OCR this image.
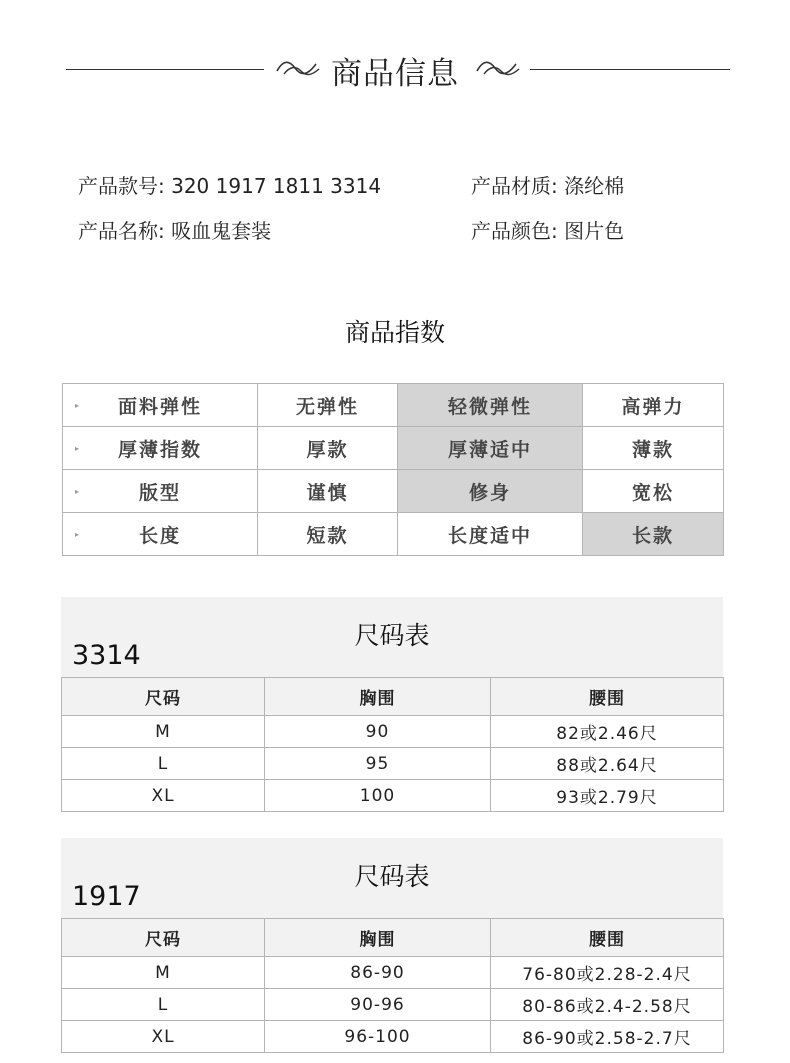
商品信息
产品款号: 320 1917 1811 3314
产品名称: 吸血鬼套装
产品材质: 涤纶棉
产品颜色: 图片色
商品指数
▸ 面料弹性	无弹性	轻微弹性	高弹力

▸ 厚薄指数	厚款	厚薄适中	薄款

▸ 版型	谨慎	修身	宽松

▸ 长度	短款	长度适中	长款
尺码表
3314
尺码	胸围	腰围
M	90	82或2.46尺
L	95	88或2.64尺
XL	100	93或2.79尺
尺码表
1917
尺码	胸围	腰围
M	86-90	76-80或2.28-2.4尺
L	90-96	80-86或2.4-2.58尺
XL	96-100	86-90或2.58-2.7尺
